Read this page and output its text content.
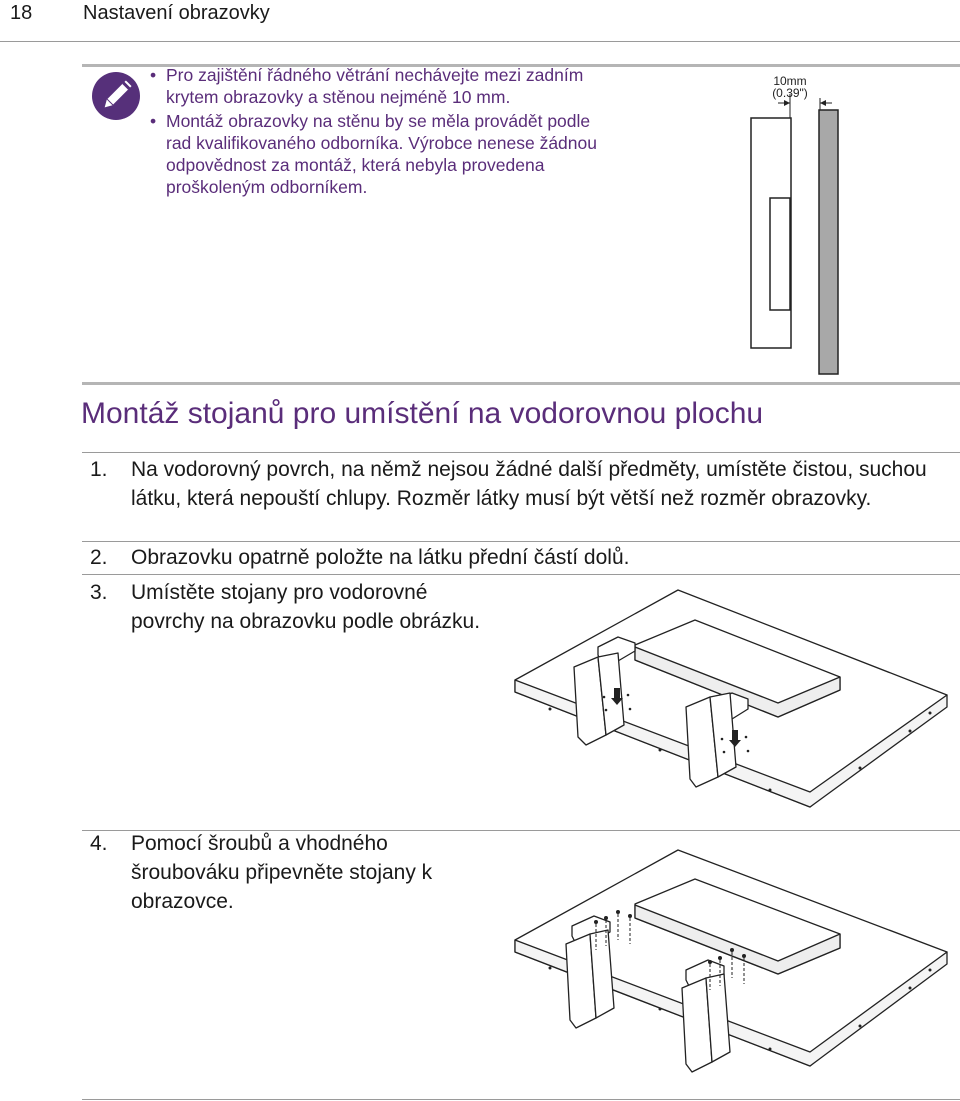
18	Nastavení obrazovky
• Pro zajištění řádného větrání nechávejte mezi zadním krytem obrazovky a stěnou nejméně 10 mm.
• Montáž obrazovky na stěnu by se měla provádět podle rad kvalifikovaného odborníka. Výrobce nenese žádnou odpovědnost za montáž, která nebyla provedena proškoleným odborníkem.
10mm
(0.39")
Montáž stojanů pro umístění na vodorovnou plochu
1.	Na vodorovný povrch, na němž nejsou žádné další předměty, umístěte čistou, suchou látku, která nepouští chlupy. Rozměr látky musí být větší než rozměr obrazovky.
2.	Obrazovku opatrně položte na látku přední částí dolů.
3.	Umístěte stojany pro vodorovné povrchy na obrazovku podle obrázku.
4.	Pomocí šroubů a vhodného šroubováku připevněte stojany k obrazovce.
